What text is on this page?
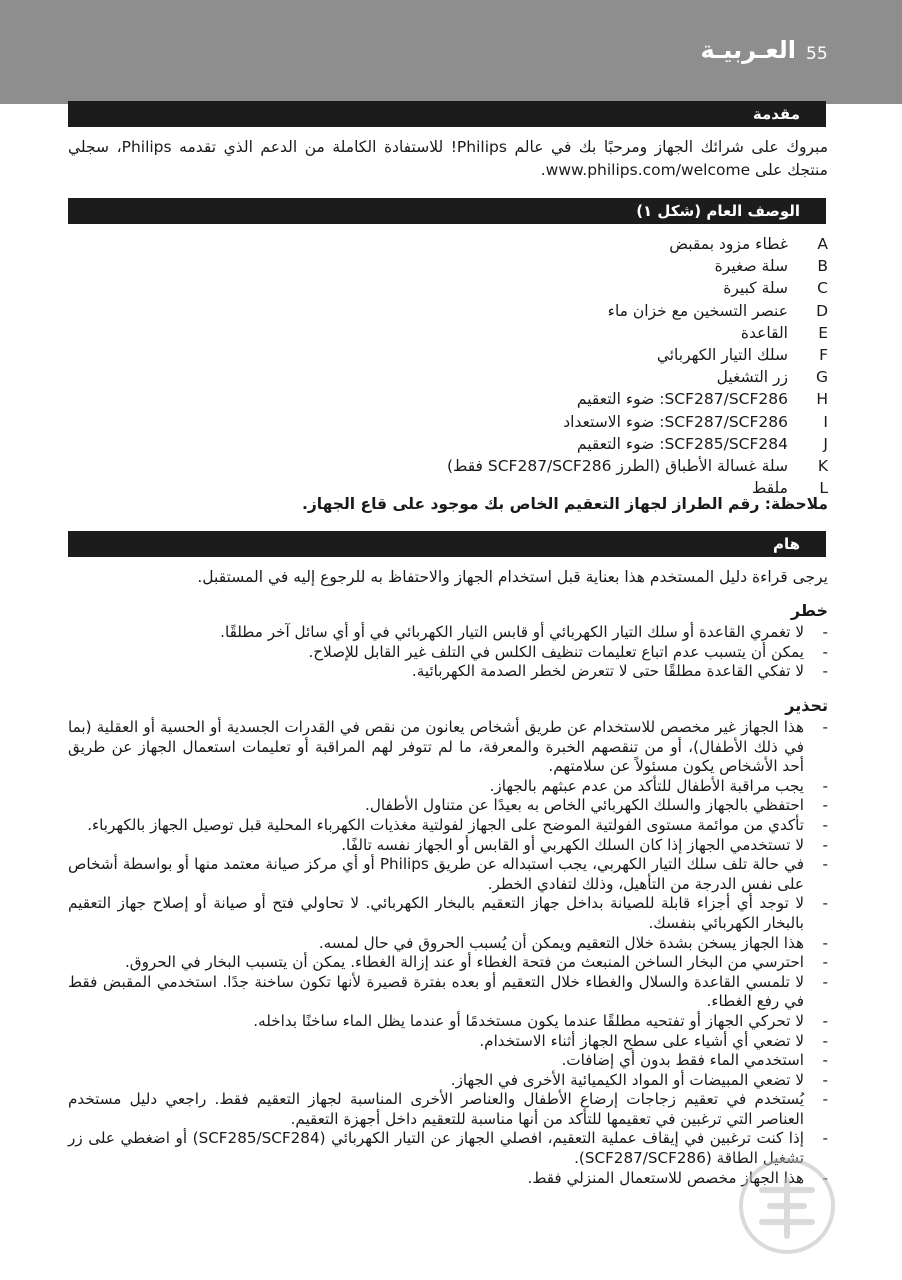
55
العـربيـة
مقدمة

مبروك على شرائك الجهاز ومرحبًا بك في عالم Philips! للاستفادة الكاملة من الدعم الذي تقدمه Philips، سجلي منتجك على www.philips.com/welcome.

الوصف العام (شكل ١)
A
غطاء مزود بمقبض
B
سلة صغيرة
C
سلة كبيرة
D
عنصر التسخين مع خزان ماء
E
القاعدة
F
سلك التيار الكهربائي
G
زر التشغيل
H
SCF287/SCF286: ضوء التعقيم
I
SCF287/SCF286: ضوء الاستعداد
J
SCF285/SCF284: ضوء التعقيم
K
سلة غسالة الأطباق (الطرز SCF287/SCF286 فقط)
L
ملقط

ملاحظة: رقم الطراز لجهاز التعقيم الخاص بك موجود على قاع الجهاز.

هام

يرجى قراءة دليل المستخدم هذا بعناية قبل استخدام الجهاز والاحتفاظ به للرجوع إليه في المستقبل.

خطر

- لا تغمري القاعدة أو سلك التيار الكهربائي أو قابس التيار الكهربائي في أو أي سائل آخر مطلقًا.
- يمكن أن يتسبب عدم اتباع تعليمات تنظيف الكلس في التلف غير القابل للإصلاح.
- لا تفكي القاعدة مطلقًا حتى لا تتعرض لخطر الصدمة الكهربائية.

تحذير

- هذا الجهاز غير مخصص للاستخدام عن طريق أشخاص يعانون من نقص في القدرات الجسدية أو الحسية أو العقلية (بما في ذلك الأطفال)، أو من تنقصهم الخبرة والمعرفة، ما لم تتوفر لهم المراقبة أو تعليمات استعمال الجهاز عن طريق أحد الأشخاص يكون مسئولاً عن سلامتهم.
- يجب مراقبة الأطفال للتأكد من عدم عبثهم بالجهاز.
- احتفظي بالجهاز والسلك الكهربائي الخاص به بعيدًا عن متناول الأطفال.
- تأكدي من موائمة مستوى الفولتية الموضح على الجهاز لفولتية مغذيات الكهرباء المحلية قبل توصيل الجهاز بالكهرباء.
- لا تستخدمي الجهاز إذا كان السلك الكهربي أو القابس أو الجهاز نفسه تالفًا.
- في حالة تلف سلك التيار الكهربي، يجب استبداله عن طريق Philips أو أي مركز صيانة معتمد منها أو بواسطة أشخاص على نفس الدرجة من التأهيل، وذلك لتفادي الخطر.
- لا توجد أي أجزاء قابلة للصيانة بداخل جهاز التعقيم بالبخار الكهربائي. لا تحاولي فتح أو صيانة أو إصلاح جهاز التعقيم بالبخار الكهربائي بنفسك.
- هذا الجهاز يسخن بشدة خلال التعقيم ويمكن أن يُسبب الحروق في حال لمسه.
- احترسي من البخار الساخن المنبعث من فتحة الغطاء أو عند إزالة الغطاء. يمكن أن يتسبب البخار في الحروق.
- لا تلمسي القاعدة والسلال والغطاء خلال التعقيم أو بعده بفترة قصيرة لأنها تكون ساخنة جدًا. استخدمي المقبض فقط في رفع الغطاء.
- لا تحركي الجهاز أو تفتحيه مطلقًا عندما يكون مستخدمًا أو عندما يظل الماء ساخنًا بداخله.
- لا تضعي أي أشياء على سطح الجهاز أثناء الاستخدام.
- استخدمي الماء فقط بدون أي إضافات.
- لا تضعي المبيضات أو المواد الكيميائية الأخرى في الجهاز.
- يُستخدم في تعقيم زجاجات إرضاع الأطفال والعناصر الأخرى المناسبة لجهاز التعقيم فقط. راجعي دليل مستخدم العناصر التي ترغبين في تعقيمها للتأكد من أنها مناسبة للتعقيم داخل أجهزة التعقيم.
- إذا كنت ترغبين في إيقاف عملية التعقيم، افصلي الجهاز عن التيار الكهربائي (SCF285/SCF284) أو اضغطي على زر تشغيل الطاقة (SCF287/SCF286).
- هذا الجهاز مخصص للاستعمال المنزلي فقط.
